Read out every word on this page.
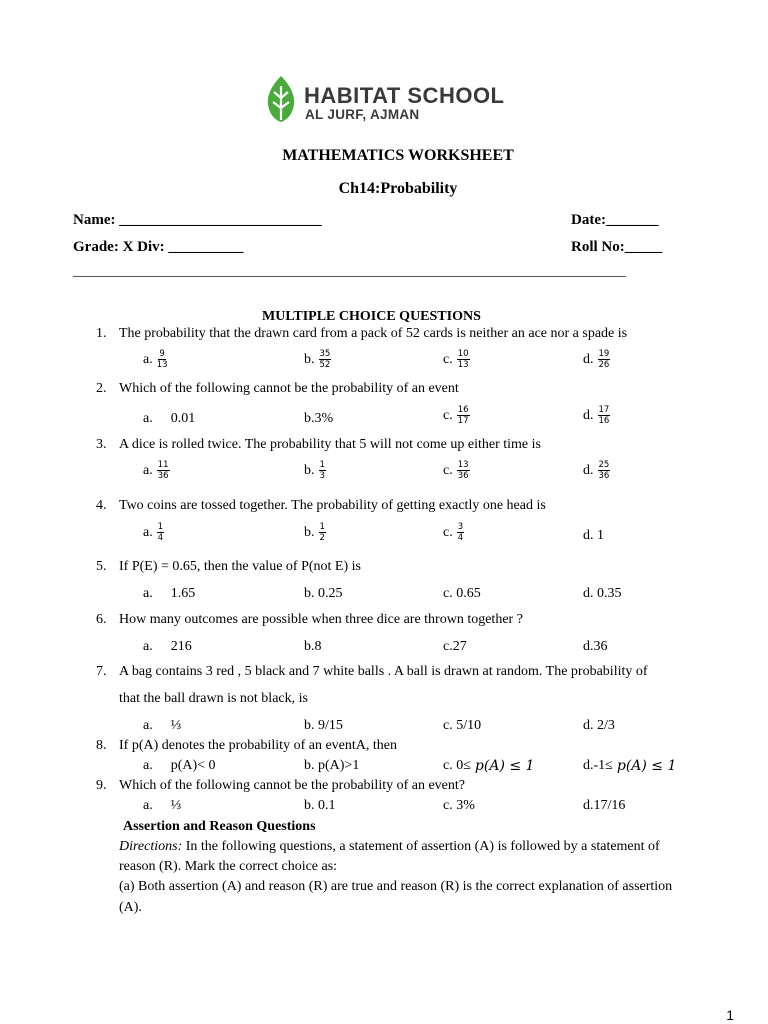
HABITAT SCHOOL
AL JURF, AJMAN
MATHEMATICS WORKSHEET
Ch14:Probability
Name: ___________________________	Date:_______
Grade: X Div: __________	Roll No:_____
_______________________________________________________________________________
MULTIPLE CHOICE QUESTIONS
1. The probability that the drawn card from a pack of 52 cards is neither an ace nor a spade is
a. $\frac{9}{13}$	b. $\frac{35}{52}$	c. $\frac{10}{13}$	d. $\frac{19}{26}$
2. Which of the following cannot be the probability of an event
a. 0.01	b.3%	c. $\frac{16}{17}$	d. $\frac{17}{16}$
3. A dice is rolled twice. The probability that 5 will not come up either time is
a. $\frac{11}{36}$	b. $\frac{1}{3}$	c. $\frac{13}{36}$	d. $\frac{25}{36}$
4. Two coins are tossed together. The probability of getting exactly one head is
a. $\frac{1}{4}$	b. $\frac{1}{2}$	c. $\frac{3}{4}$	d. 1
5. If P(E) = 0.65, then the value of P(not E) is
a. 1.65	b. 0.25	c. 0.65	d. 0.35
6. How many outcomes are possible when three dice are thrown together ?
a. 216	b.8	c.27	d.36
7. A bag contains 3 red , 5 black and 7 white balls . A ball is drawn at random. The probability of
that the ball drawn is not black, is
a. ⅓	b. 9/15	c. 5/10	d. 2/3
8. If p(A) denotes the probability of an eventA, then
a. p(A)< 0	b. p(A)>1	c. 0≤ p(A) ≤ 1	d.-1≤ p(A) ≤ 1
9. Which of the following cannot be the probability of an event?
a. ⅓	b. 0.1	c. 3%	d.17/16
Assertion and Reason Questions
Directions: In the following questions, a statement of assertion (A) is followed by a statement of
reason (R). Mark the correct choice as:
(a) Both assertion (A) and reason (R) are true and reason (R) is the correct explanation of assertion
(A).
1
